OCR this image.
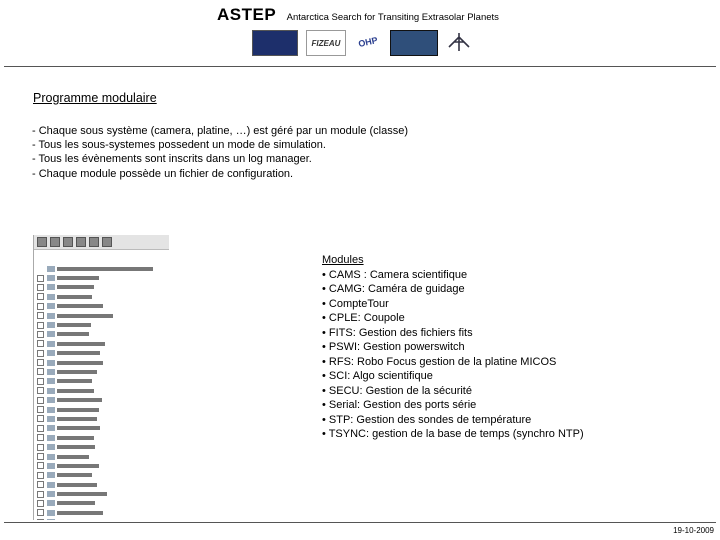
ASTEP Antarctica Search for Transiting Extrasolar Planets
FIZEAU	OHP
Programme modulaire
- Chaque sous système (camera, platine, …) est géré par un module (classe)
- Tous les sous-systemes possedent un mode de simulation.
- Tous les évènements sont inscrits dans un log manager.
- Chaque module possède un fichier de configuration.
Modules
• CAMS : Camera scientifique
• CAMG: Caméra de guidage
• CompteTour
• CPLE: Coupole
• FITS: Gestion des fichiers fits
• PSWI: Gestion powerswitch
• RFS: Robo Focus gestion de la platine MICOS
• SCI: Algo scientifique
• SECU: Gestion de la sécurité
• Serial: Gestion des ports série
• STP: Gestion des sondes de température
• TSYNC: gestion de la base de temps (synchro NTP)
19-10-2009
